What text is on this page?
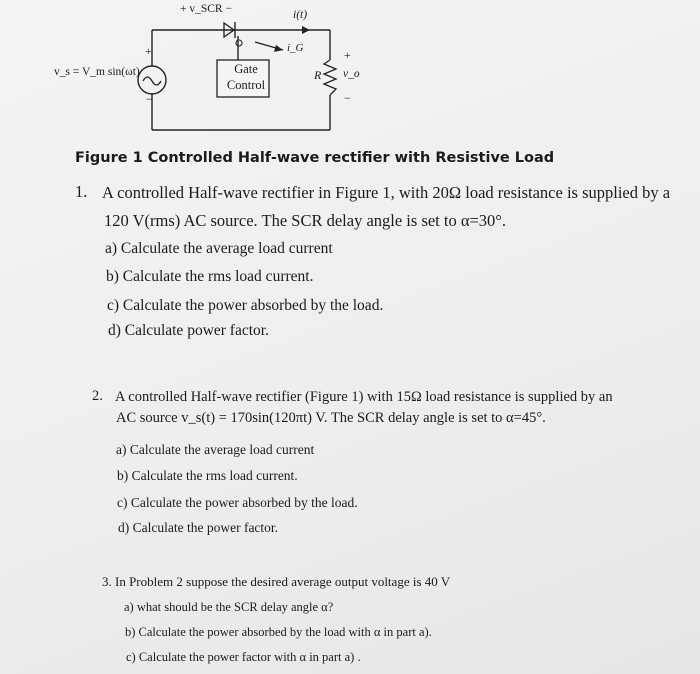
+ v_SCR −	i(t)
i_G
v_s = V_m sin(ωt)
+
−
Gate
Control
R v_o
+
−
Figure 1 Controlled Half-wave rectifier with Resistive Load
1. A controlled Half-wave rectifier in Figure 1, with 20Ω load resistance is supplied by a
120 V(rms) AC source. The SCR delay angle is set to α=30°.
a) Calculate the average load current
b) Calculate the rms load current.
c) Calculate the power absorbed by the load.
d) Calculate power factor.
2. A controlled Half-wave rectifier (Figure 1) with 15Ω load resistance is supplied by an
AC source v_s(t) = 170sin(120πt) V. The SCR delay angle is set to α=45°.
a) Calculate the average load current
b) Calculate the rms load current.
c) Calculate the power absorbed by the load.
d) Calculate the power factor.
3. In Problem 2 suppose the desired average output voltage is 40 V
a) what should be the SCR delay angle α?
b) Calculate the power absorbed by the load with α in part a).
c) Calculate the power factor with α in part a) .
